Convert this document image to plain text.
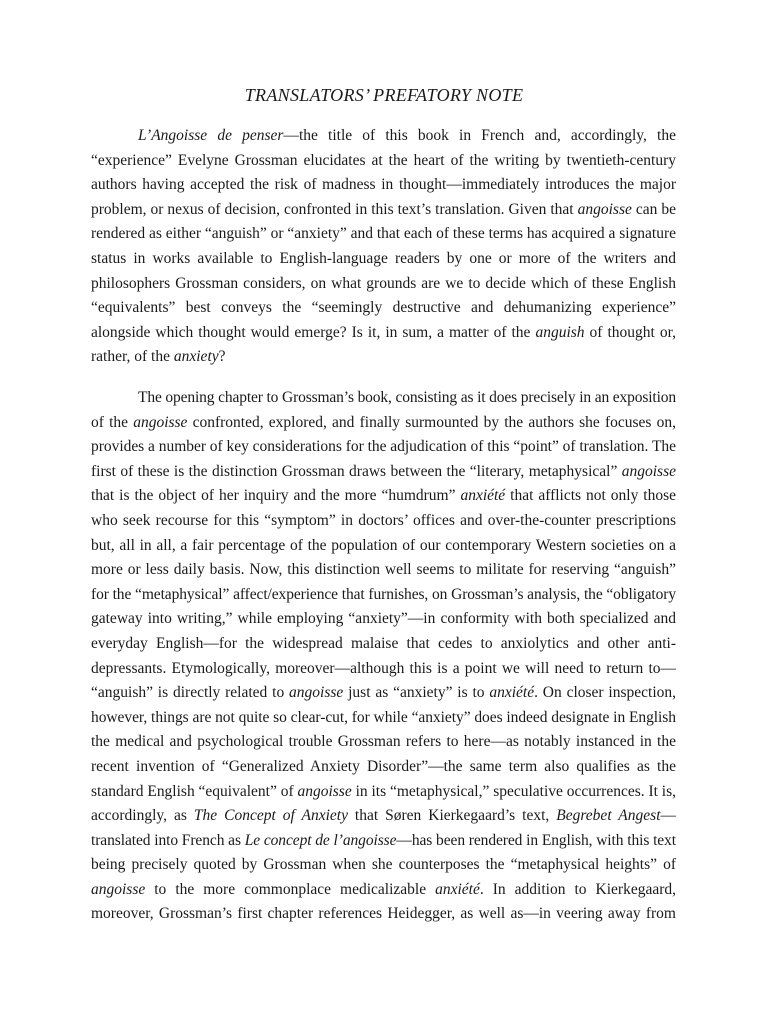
TRANSLATORS’ PREFATORY NOTE
L’Angoisse de penser—the title of this book in French and, accordingly, the
“experience” Evelyne Grossman elucidates at the heart of the writing by twentieth-century
authors having accepted the risk of madness in thought—immediately introduces the major
problem, or nexus of decision, confronted in this text’s translation. Given that angoisse can be
rendered as either “anguish” or “anxiety” and that each of these terms has acquired a signature
status in works available to English-language readers by one or more of the writers and
philosophers Grossman considers, on what grounds are we to decide which of these English
“equivalents” best conveys the “seemingly destructive and dehumanizing experience”
alongside which thought would emerge? Is it, in sum, a matter of the anguish of thought or,
rather, of the anxiety?
The opening chapter to Grossman’s book, consisting as it does precisely in an exposition
of the angoisse confronted, explored, and finally surmounted by the authors she focuses on,
provides a number of key considerations for the adjudication of this “point” of translation. The
first of these is the distinction Grossman draws between the “literary, metaphysical” angoisse
that is the object of her inquiry and the more “humdrum” anxiété that afflicts not only those
who seek recourse for this “symptom” in doctors’ offices and over-the-counter prescriptions
but, all in all, a fair percentage of the population of our contemporary Western societies on a
more or less daily basis. Now, this distinction well seems to militate for reserving “anguish”
for the “metaphysical” affect/experience that furnishes, on Grossman’s analysis, the “obligatory
gateway into writing,” while employing “anxiety”—in conformity with both specialized and
everyday English—for the widespread malaise that cedes to anxiolytics and other anti-
depressants. Etymologically, moreover—although this is a point we will need to return to—
“anguish” is directly related to angoisse just as “anxiety” is to anxiété. On closer inspection,
however, things are not quite so clear-cut, for while “anxiety” does indeed designate in English
the medical and psychological trouble Grossman refers to here—as notably instanced in the
recent invention of “Generalized Anxiety Disorder”—the same term also qualifies as the
standard English “equivalent” of angoisse in its “metaphysical,” speculative occurrences. It is,
accordingly, as The Concept of Anxiety that Søren Kierkegaard’s text, Begrebet Angest—
translated into French as Le concept de l’angoisse—has been rendered in English, with this text
being precisely quoted by Grossman when she counterposes the “metaphysical heights” of
angoisse to the more commonplace medicalizable anxiété. In addition to Kierkegaard,
moreover, Grossman’s first chapter references Heidegger, as well as—in veering away from
